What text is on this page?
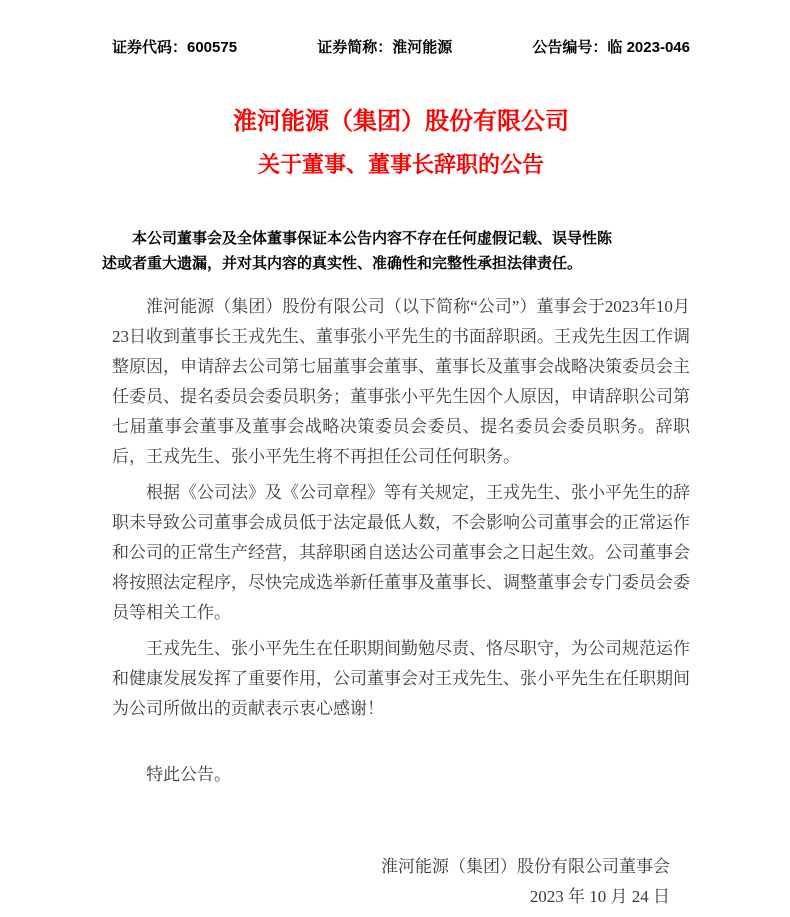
证券代码：600575	证券简称：淮河能源	公告编号：临 2023-046
淮河能源（集团）股份有限公司
关于董事、董事长辞职的公告

本公司董事会及全体董事保证本公告内容不存在任何虚假记载、误导性陈述或者重大遗漏，并对其内容的真实性、准确性和完整性承担法律责任。

淮河能源（集团）股份有限公司（以下简称“公司”）董事会于2023年10月23日收到董事长王戎先生、董事张小平先生的书面辞职函。王戎先生因工作调整原因，申请辞去公司第七届董事会董事、董事长及董事会战略决策委员会主任委员、提名委员会委员职务；董事张小平先生因个人原因，申请辞职公司第七届董事会董事及董事会战略决策委员会委员、提名委员会委员职务。辞职后，王戎先生、张小平先生将不再担任公司任何职务。

根据《公司法》及《公司章程》等有关规定，王戎先生、张小平先生的辞职未导致公司董事会成员低于法定最低人数，不会影响公司董事会的正常运作和公司的正常生产经营，其辞职函自送达公司董事会之日起生效。公司董事会将按照法定程序，尽快完成选举新任董事及董事长、调整董事会专门委员会委员等相关工作。

王戎先生、张小平先生在任职期间勤勉尽责、恪尽职守，为公司规范运作和健康发展发挥了重要作用，公司董事会对王戎先生、张小平先生在任职期间为公司所做出的贡献表示衷心感谢！

特此公告。

淮河能源（集团）股份有限公司董事会
2023 年 10 月 24 日
